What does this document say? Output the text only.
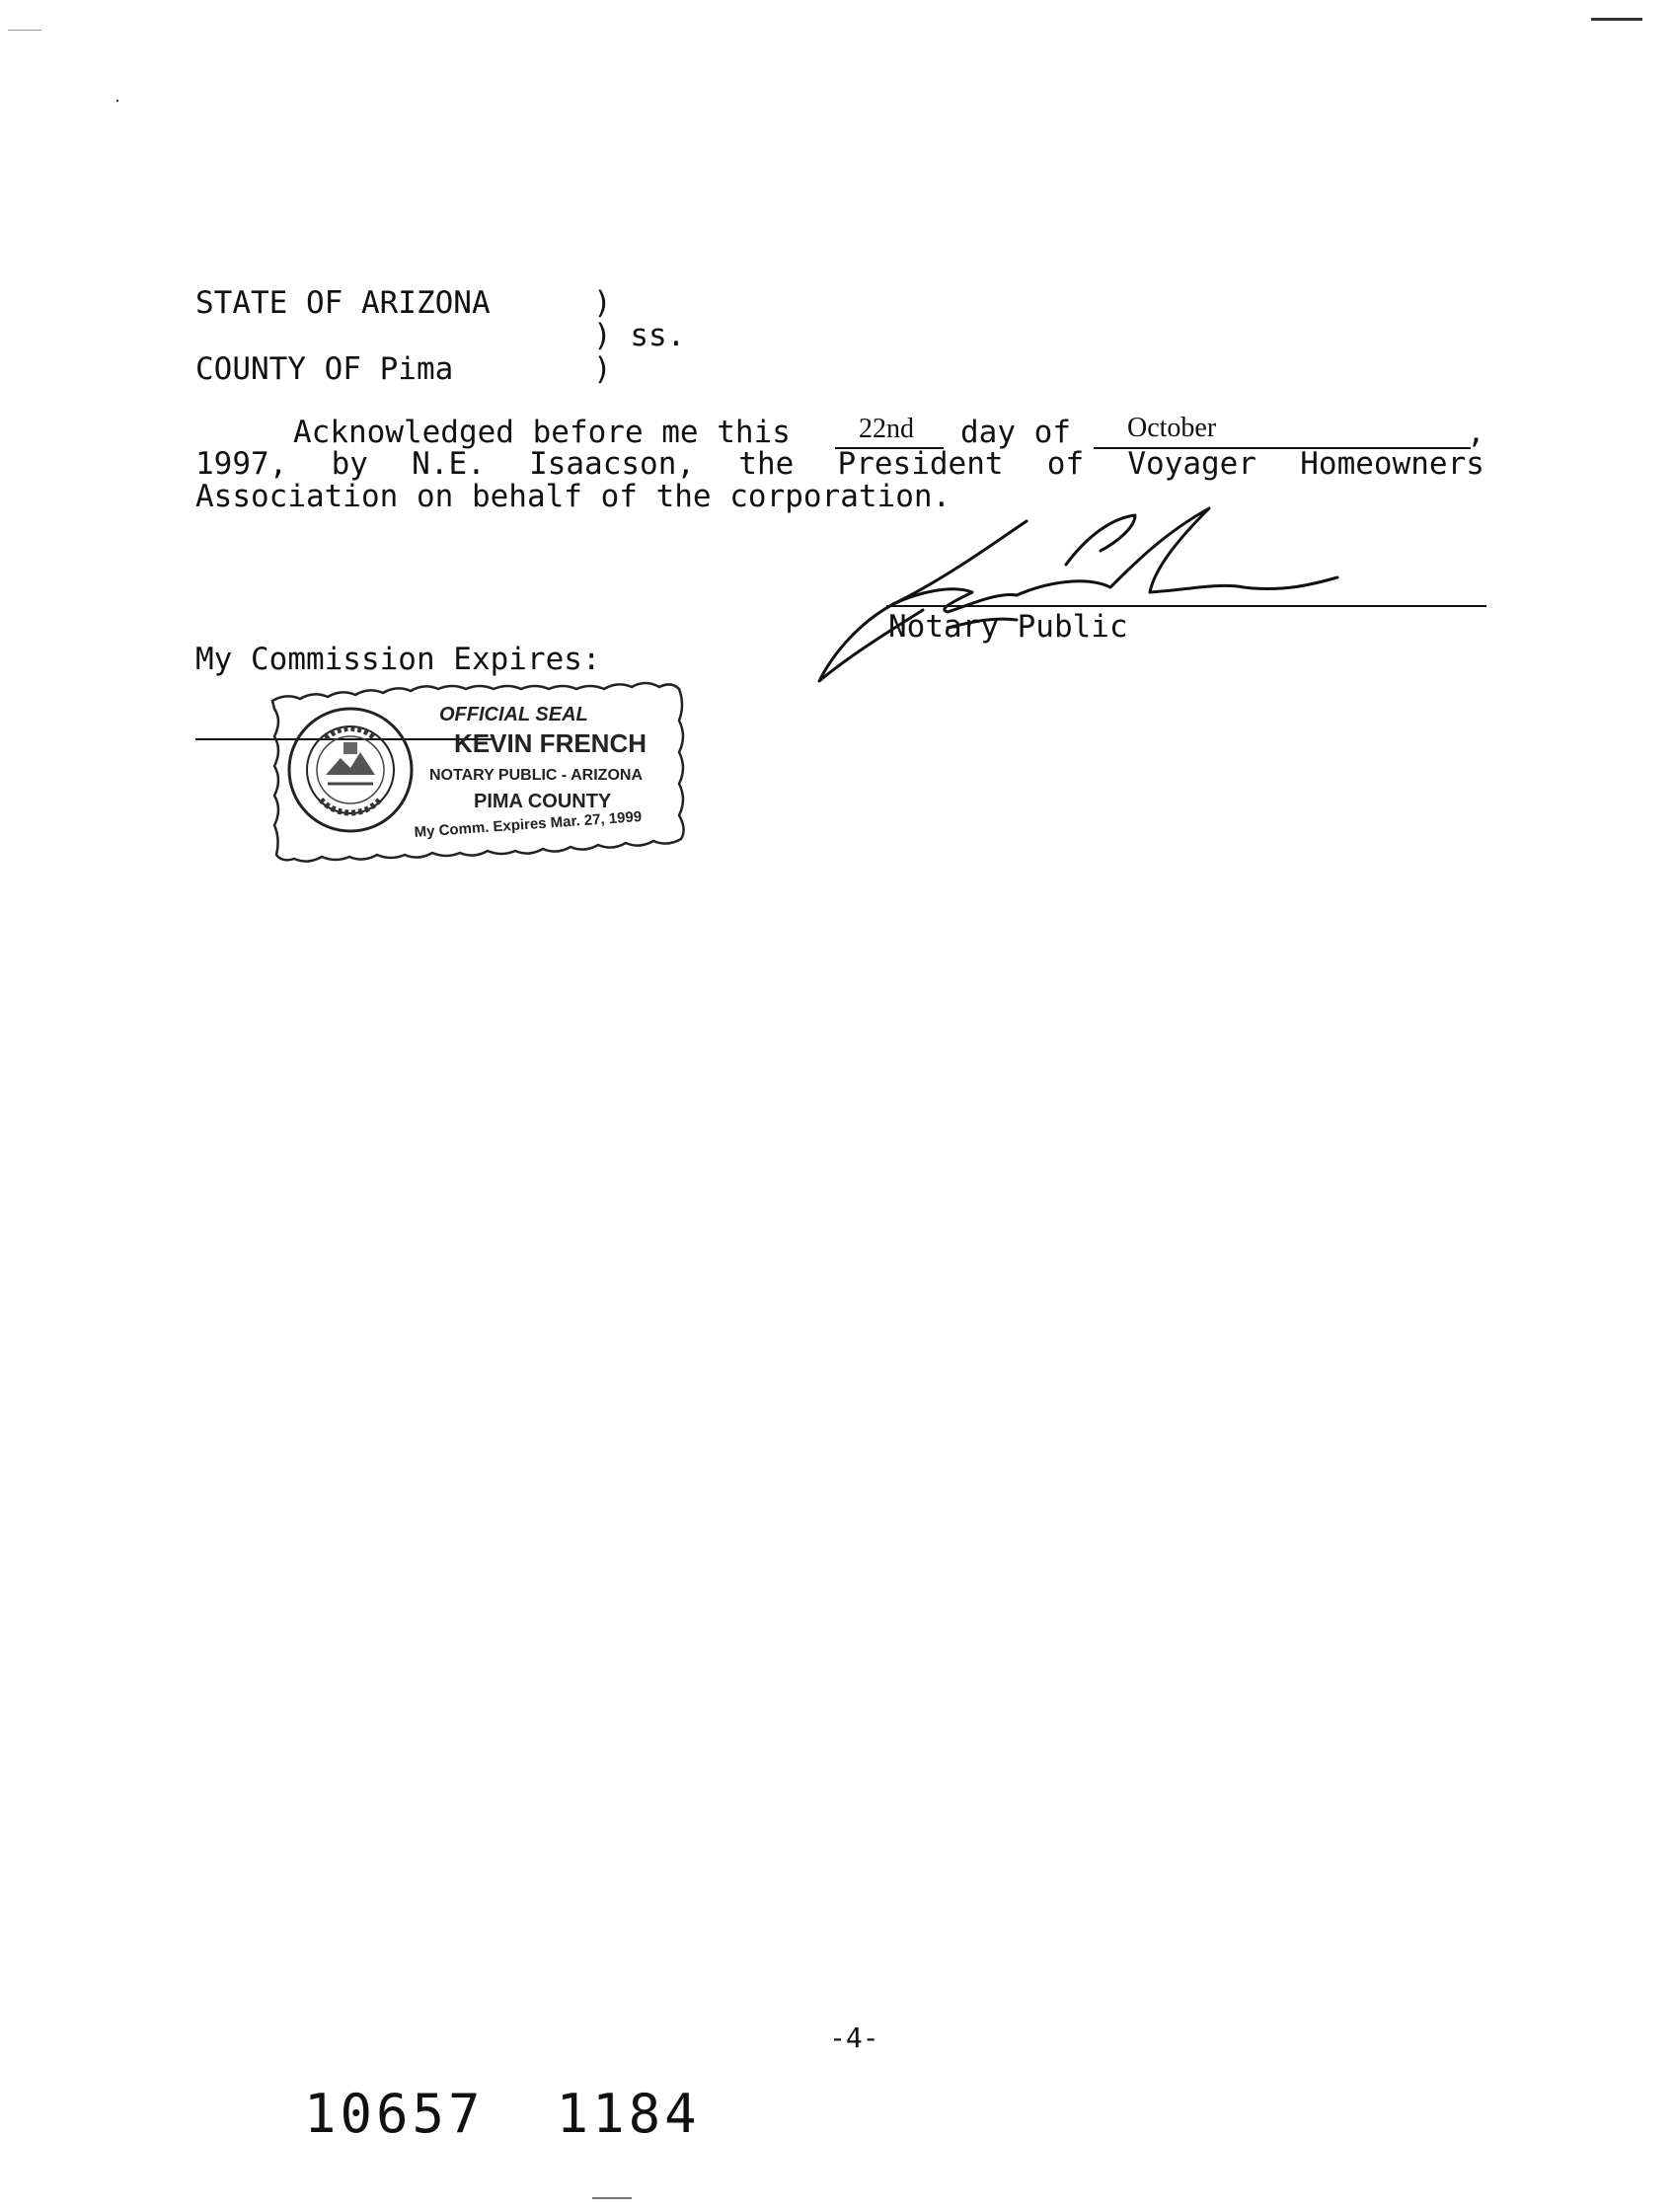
STATE OF ARIZONA	)
) ss.
COUNTY OF Pima	)
Acknowledged before me this 22nd day of October	,
1997, by N.E. Isaacson, the President of Voyager Homeowners
Association on behalf of the corporation.
Notary Public
My Commission Expires:
OFFICIAL SEAL
KEVIN FRENCH
NOTARY PUBLIC - ARIZONA
PIMA COUNTY
My Comm. Expires Mar. 27, 1999
-4-
10657  1184
